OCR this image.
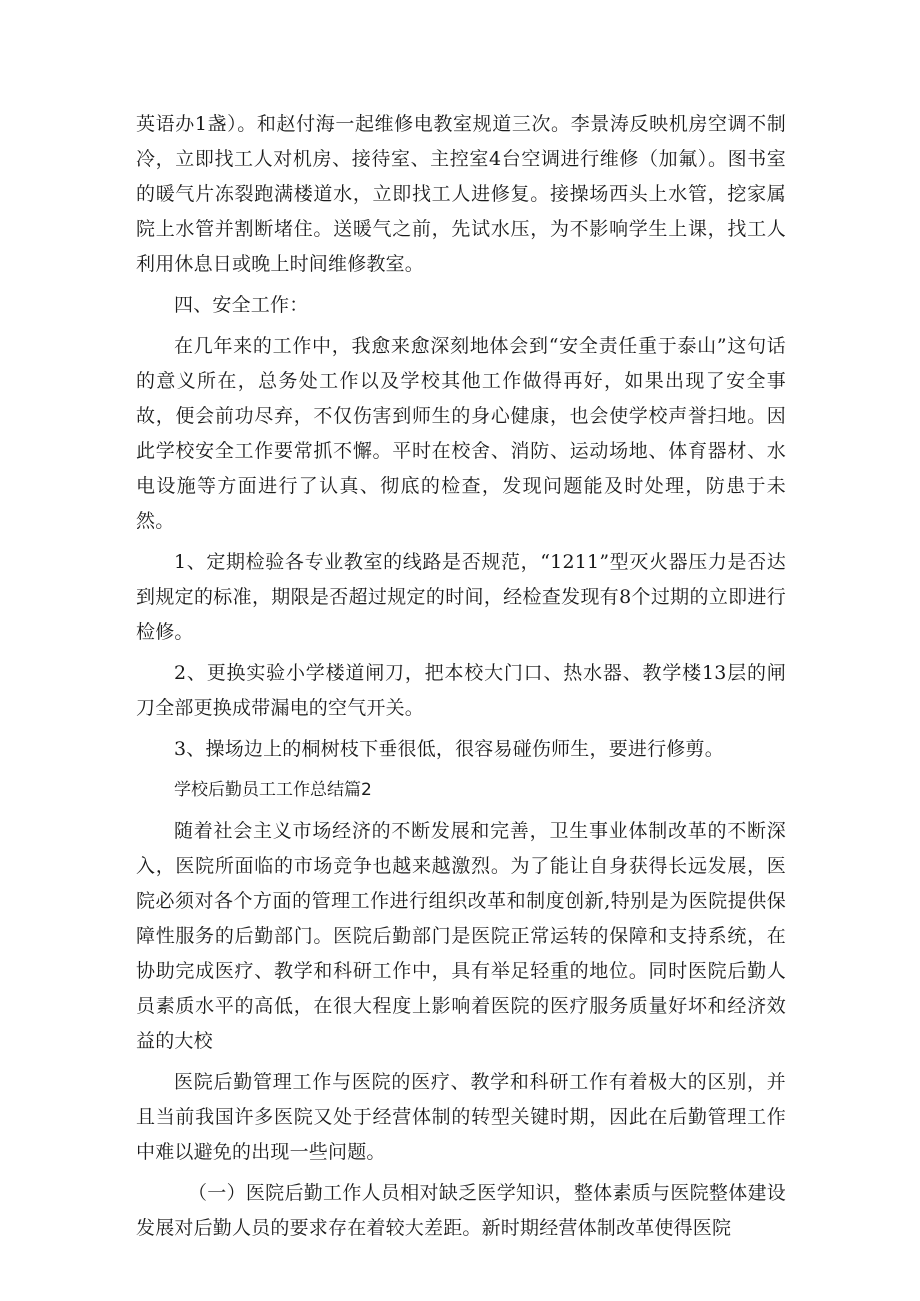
英语办1盏）。和赵付海一起维修电教室规道三次。李景涛反映机房空调不制冷，立即找工人对机房、接待室、主控室4台空调进行维修（加氟）。图书室的暖气片冻裂跑满楼道水，立即找工人进修复。接操场西头上水管，挖家属院上水管并割断堵住。送暖气之前，先试水压，为不影响学生上课，找工人利用休息日或晚上时间维修教室。

四、安全工作：

在几年来的工作中，我愈来愈深刻地体会到“安全责任重于泰山”这句话的意义所在，总务处工作以及学校其他工作做得再好，如果出现了安全事故，便会前功尽弃，不仅伤害到师生的身心健康，也会使学校声誉扫地。因此学校安全工作要常抓不懈。平时在校舍、消防、运动场地、体育器材、水电设施等方面进行了认真、彻底的检查，发现问题能及时处理，防患于未然。

1、定期检验各专业教室的线路是否规范，“1211”型灭火器压力是否达到规定的标准，期限是否超过规定的时间，经检查发现有8个过期的立即进行检修。

2、更换实验小学楼道闸刀，把本校大门口、热水器、教学楼13层的闸刀全部更换成带漏电的空气开关。

3、操场边上的桐树枝下垂很低，很容易碰伤师生，要进行修剪。

学校后勤员工工作总结篇2

随着社会主义市场经济的不断发展和完善，卫生事业体制改革的不断深入，医院所面临的市场竞争也越来越激烈。为了能让自身获得长远发展，医院必须对各个方面的管理工作进行组织改革和制度创新,特别是为医院提供保障性服务的后勤部门。医院后勤部门是医院正常运转的保障和支持系统，在协助完成医疗、教学和科研工作中，具有举足轻重的地位。同时医院后勤人员素质水平的高低，在很大程度上影响着医院的医疗服务质量好坏和经济效益的大校

医院后勤管理工作与医院的医疗、教学和科研工作有着极大的区别，并且当前我国许多医院又处于经营体制的转型关键时期，因此在后勤管理工作中难以避免的出现一些问题。

（一）医院后勤工作人员相对缺乏医学知识，整体素质与医院整体建设发展对后勤人员的要求存在着较大差距。新时期经营体制改革使得医院
